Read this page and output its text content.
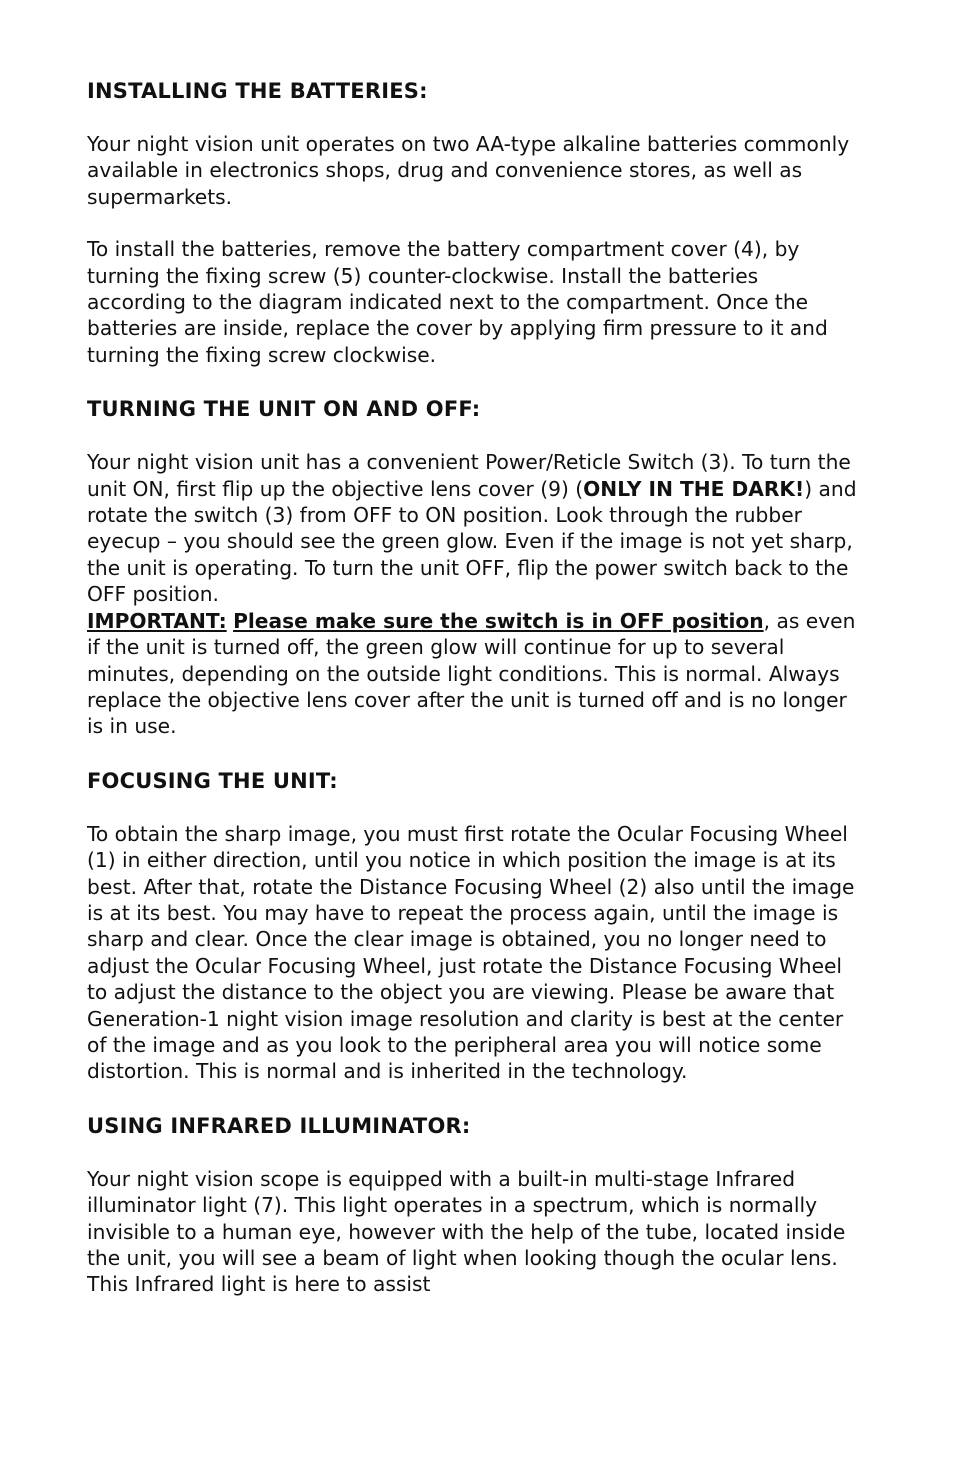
INSTALLING THE BATTERIES:

Your night vision unit operates on two AA-type alkaline batteries commonly available in electronics shops, drug and convenience stores, as well as supermarkets.

To install the batteries, remove the battery compartment cover (4), by turning the fixing screw (5) counter-clockwise. Install the batteries according to the diagram indicated next to the compartment. Once the batteries are inside, replace the cover by applying firm pressure to it and turning the fixing screw clockwise.

TURNING THE UNIT ON AND OFF:

Your night vision unit has a convenient Power/Reticle Switch (3). To turn the unit ON, first flip up the objective lens cover (9) (ONLY IN THE DARK!) and rotate the switch (3) from OFF to ON position. Look through the rubber eyecup – you should see the green glow. Even if the image is not yet sharp, the unit is operating. To turn the unit OFF, flip the power switch back to the OFF position.
IMPORTANT: Please make sure the switch is in OFF position, as even if the unit is turned off, the green glow will continue for up to several minutes, depending on the outside light conditions. This is normal. Always replace the objective lens cover after the unit is turned off and is no longer is in use.

FOCUSING THE UNIT:

To obtain the sharp image, you must first rotate the Ocular Focusing Wheel (1) in either direction, until you notice in which position the image is at its best. After that, rotate the Distance Focusing Wheel (2) also until the image is at its best. You may have to repeat the process again, until the image is sharp and clear. Once the clear image is obtained, you no longer need to adjust the Ocular Focusing Wheel, just rotate the Distance Focusing Wheel to adjust the distance to the object you are viewing. Please be aware that Generation-1 night vision image resolution and clarity is best at the center of the image and as you look to the peripheral area you will notice some distortion. This is normal and is inherited in the technology.

USING INFRARED ILLUMINATOR:

Your night vision scope is equipped with a built-in multi-stage Infrared illuminator light (7). This light operates in a spectrum, which is normally invisible to a human eye, however with the help of the tube, located inside the unit, you will see a beam of light when looking though the ocular lens. This Infrared light is here to assist
